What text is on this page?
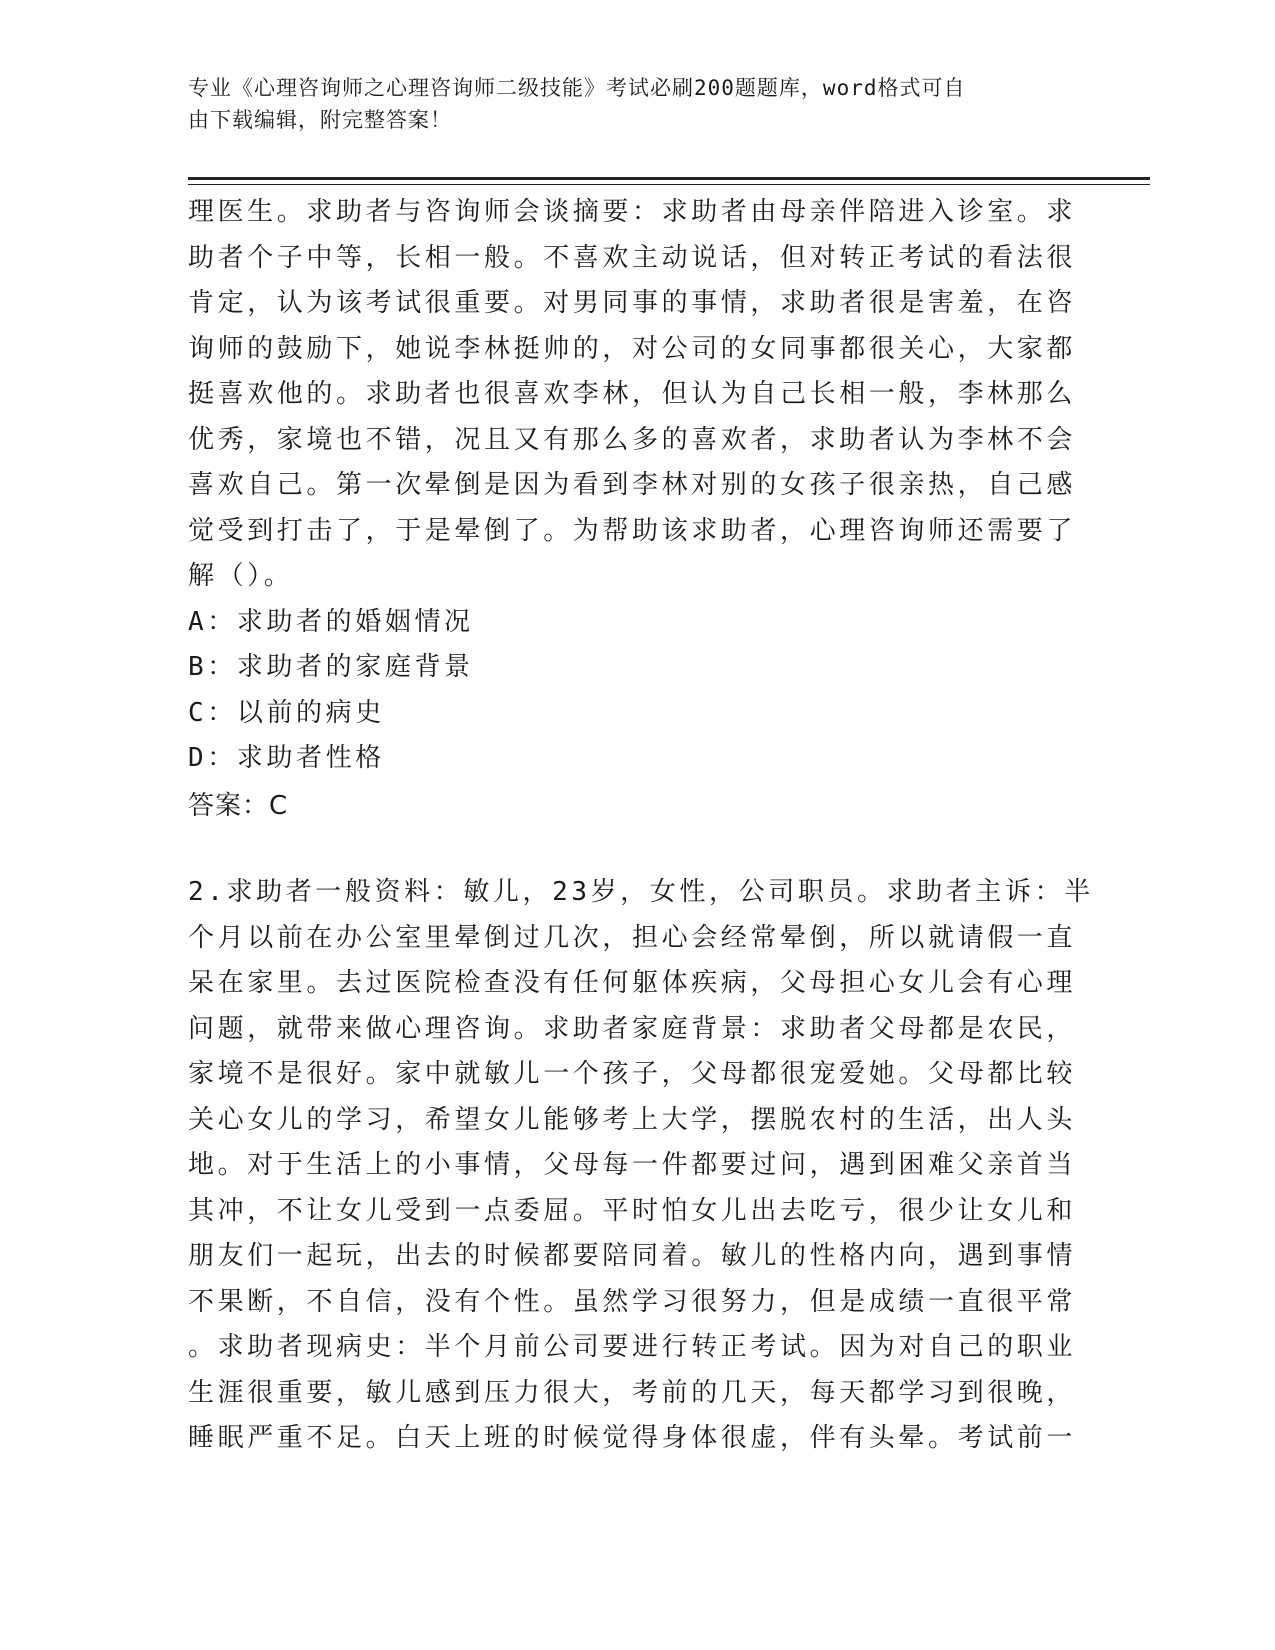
专业《心理咨询师之心理咨询师二级技能》考试必刷200题题库，word格式可自
由下载编辑，附完整答案！
理医生。求助者与咨询师会谈摘要：求助者由母亲伴陪进入诊室。求
助者个子中等，长相一般。不喜欢主动说话，但对转正考试的看法很
肯定，认为该考试很重要。对男同事的事情，求助者很是害羞，在咨
询师的鼓励下，她说李林挺帅的，对公司的女同事都很关心，大家都
挺喜欢他的。求助者也很喜欢李林，但认为自己长相一般，李林那么
优秀，家境也不错，况且又有那么多的喜欢者，求助者认为李林不会
喜欢自己。第一次晕倒是因为看到李林对别的女孩子很亲热，自己感
觉受到打击了，于是晕倒了。为帮助该求助者，心理咨询师还需要了
解（）。
A：求助者的婚姻情况
B：求助者的家庭背景
C：以前的病史
D：求助者性格
答案：C
2.求助者一般资料：敏儿，23岁，女性，公司职员。求助者主诉：半
个月以前在办公室里晕倒过几次，担心会经常晕倒，所以就请假一直
呆在家里。去过医院检查没有任何躯体疾病，父母担心女儿会有心理
问题，就带来做心理咨询。求助者家庭背景：求助者父母都是农民，
家境不是很好。家中就敏儿一个孩子，父母都很宠爱她。父母都比较
关心女儿的学习，希望女儿能够考上大学，摆脱农村的生活，出人头
地。对于生活上的小事情，父母每一件都要过问，遇到困难父亲首当
其冲，不让女儿受到一点委屈。平时怕女儿出去吃亏，很少让女儿和
朋友们一起玩，出去的时候都要陪同着。敏儿的性格内向，遇到事情
不果断，不自信，没有个性。虽然学习很努力，但是成绩一直很平常
。求助者现病史：半个月前公司要进行转正考试。因为对自己的职业
生涯很重要，敏儿感到压力很大，考前的几天，每天都学习到很晚，
睡眠严重不足。白天上班的时候觉得身体很虚，伴有头晕。考试前一
